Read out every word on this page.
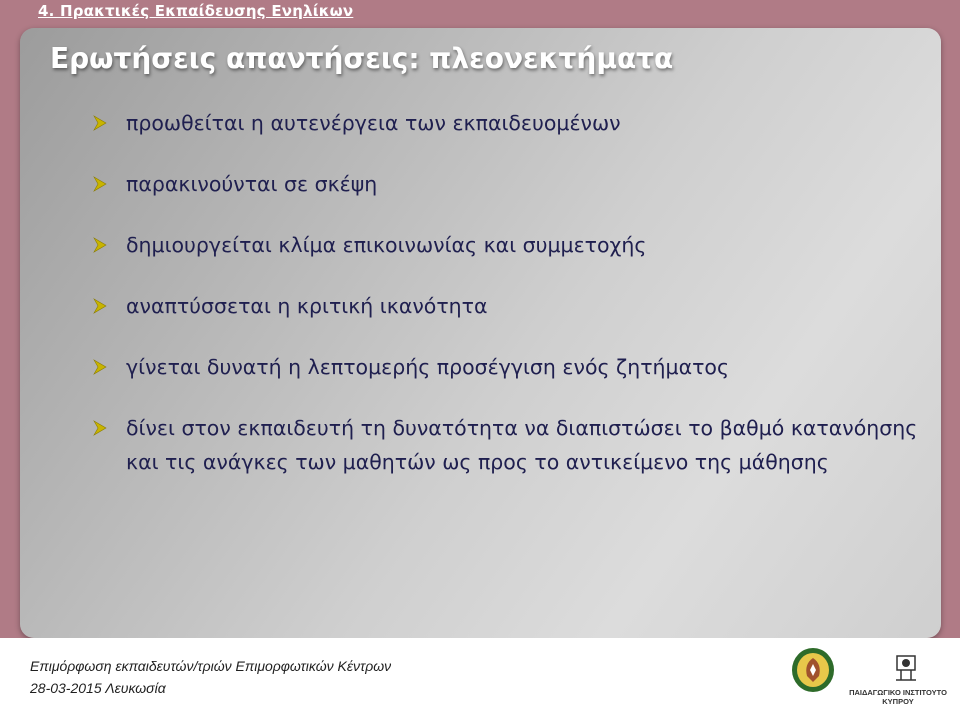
4. Πρακτικές Εκπαίδευσης Ενηλίκων
Ερωτήσεις απαντήσεις: πλεονεκτήματα
προωθείται η αυτενέργεια των εκπαιδευομένων
παρακινούνται σε σκέψη
δημιουργείται κλίμα επικοινωνίας και συμμετοχής
αναπτύσσεται η κριτική ικανότητα
γίνεται δυνατή η λεπτομερής προσέγγιση ενός ζητήματος
δίνει στον εκπαιδευτή τη δυνατότητα να διαπιστώσει το βαθμό κατανόησης και τις ανάγκες των μαθητών ως προς το αντικείμενο της μάθησης
Επιμόρφωση εκπαιδευτών/τριών Επιμορφωτικών Κέντρων
28-03-2015 Λευκωσία	ΠΑΙΔΑΓΩΓΙΚΟ ΙΝΣΤΙΤΟΥΤΟ ΚΥΠΡΟΥ
